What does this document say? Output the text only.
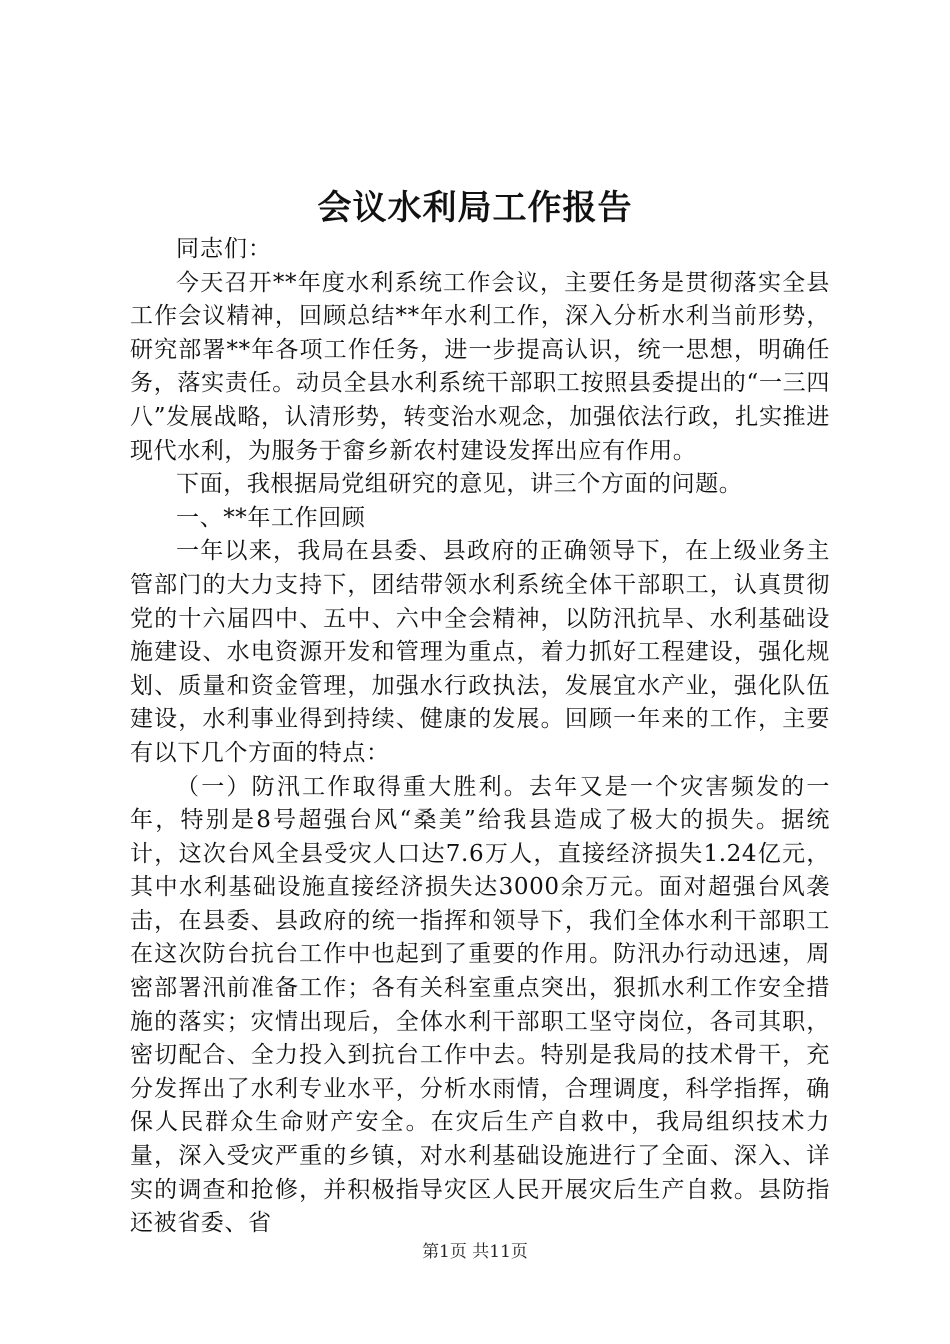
会议水利局工作报告

同志们：

今天召开**年度水利系统工作会议，主要任务是贯彻落实全县工作会议精神，回顾总结**年水利工作，深入分析水利当前形势，研究部署**年各项工作任务，进一步提高认识，统一思想，明确任务，落实责任。动员全县水利系统干部职工按照县委提出的“一三四八”发展战略，认清形势，转变治水观念，加强依法行政，扎实推进现代水利，为服务于畲乡新农村建设发挥出应有作用。

下面，我根据局党组研究的意见，讲三个方面的问题。

一、**年工作回顾

一年以来，我局在县委、县政府的正确领导下，在上级业务主管部门的大力支持下，团结带领水利系统全体干部职工，认真贯彻党的十六届四中、五中、六中全会精神，以防汛抗旱、水利基础设施建设、水电资源开发和管理为重点，着力抓好工程建设，强化规划、质量和资金管理，加强水行政执法，发展宜水产业，强化队伍建设，水利事业得到持续、健康的发展。回顾一年来的工作，主要有以下几个方面的特点：

（一）防汛工作取得重大胜利。去年又是一个灾害频发的一年，特别是8号超强台风“桑美”给我县造成了极大的损失。据统计，这次台风全县受灾人口达7.6万人，直接经济损失1.24亿元，其中水利基础设施直接经济损失达3000余万元。面对超强台风袭击，在县委、县政府的统一指挥和领导下，我们全体水利干部职工在这次防台抗台工作中也起到了重要的作用。防汛办行动迅速，周密部署汛前准备工作；各有关科室重点突出，狠抓水利工作安全措施的落实；灾情出现后，全体水利干部职工坚守岗位，各司其职，密切配合、全力投入到抗台工作中去。特别是我局的技术骨干，充分发挥出了水利专业水平，分析水雨情，合理调度，科学指挥，确保人民群众生命财产安全。在灾后生产自救中，我局组织技术力量，深入受灾严重的乡镇，对水利基础设施进行了全面、深入、详实的调查和抢修，并积极指导灾区人民开展灾后生产自救。县防指还被省委、省

第1页 共11页
